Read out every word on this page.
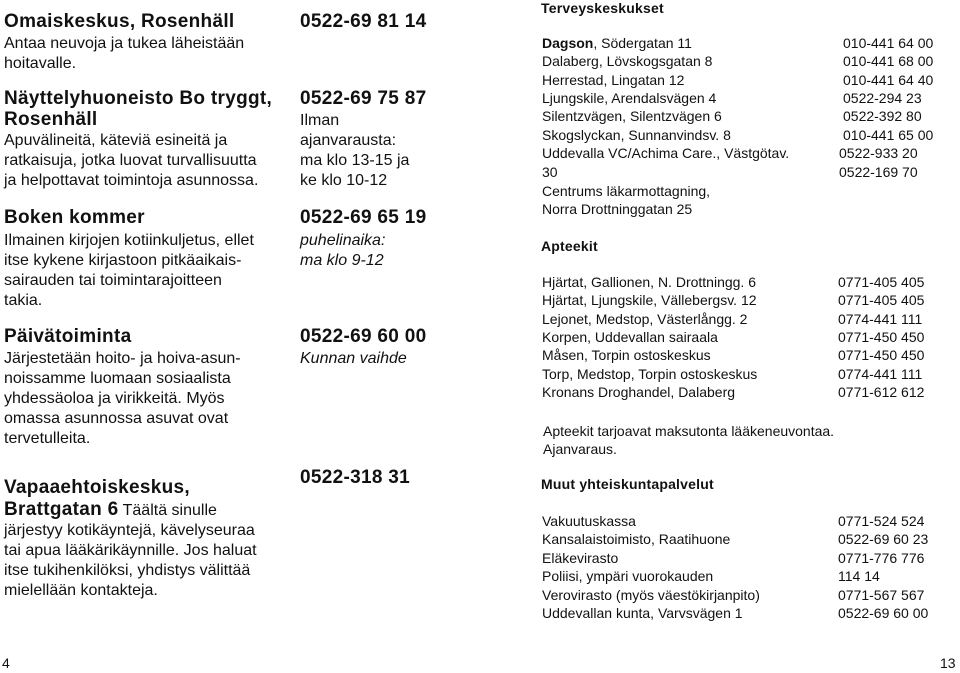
Omaiskeskus, Rosenhäll
Antaa neuvoja ja tukea läheistään
hoitavalle.
0522-69 81 14
Näyttelyhuoneisto Bo tryggt,
Rosenhäll
Apuvälineitä, käteviä esineitä ja
ratkaisuja, jotka luovat turvallisuutta
ja helpottavat toimintoja asunnossa.
0522-69 75 87
Ilman
ajanvarausta:
ma klo 13-15 ja
ke klo 10-12
Boken kommer
Ilmainen kirjojen kotiinkuljetus, ellet
itse kykene kirjastoon pitkäaikais-
sairauden tai toimintarajoitteen
takia.
0522-69 65 19
puhelinaika:
ma klo 9-12
Päivätoiminta
Järjestetään hoito- ja hoiva-asun-
noissamme luomaan sosiaalista
yhdessäoloa ja virikkeitä. Myös
omassa asunnossa asuvat ovat
tervetulleita.
0522-69 60 00
Kunnan vaihde
Vapaaehtoiskeskus,
Brattgatan 6 Täältä sinulle
järjestyy kotikäyntejä, kävelyseuraa
tai apua lääkärikäynnille. Jos haluat
itse tukihenkilöksi, yhdistys välittää
mielellään kontakteja.
0522-318 31
4
Terveyskeskukset
Dagson, Södergatan 11	010-441 64 00
Dalaberg, Lövskogsgatan 8	010-441 68 00
Herrestad, Lingatan 12	010-441 64 40
Ljungskile, Arendalsvägen 4	0522-294 23
Silentzvägen, Silentzvägen 6	0522-392 80
Skogslyckan, Sunnanvindsv. 8	010-441 65 00
Uddevalla VC/Achima Care., Västgötav.	0522-933 20
30	0522-169 70
Centrums läkarmottagning,
Norra Drottninggatan 25
Apteekit
Hjärtat, Gallionen, N. Drottningg. 6	0771-405 405
Hjärtat, Ljungskile, Vällebergsv. 12	0771-405 405
Lejonet, Medstop, Västerlångg. 2	0774-441 111
Korpen, Uddevallan sairaala	0771-450 450
Måsen, Torpin ostoskeskus	0771-450 450
Torp, Medstop, Torpin ostoskeskus	0774-441 111
Kronans Droghandel, Dalaberg	0771-612 612
Apteekit tarjoavat maksutonta lääkeneuvontaa.
Ajanvaraus.
Muut yhteiskuntapalvelut
Vakuutuskassa	0771-524 524
Kansalaistoimisto, Raatihuone	0522-69 60 23
Eläkevirasto	0771-776 776
Poliisi, ympäri vuorokauden	114 14
Verovirasto (myös väestökirjanpito)	0771-567 567
Uddevallan kunta, Varvsvägen 1	0522-69 60 00
13
